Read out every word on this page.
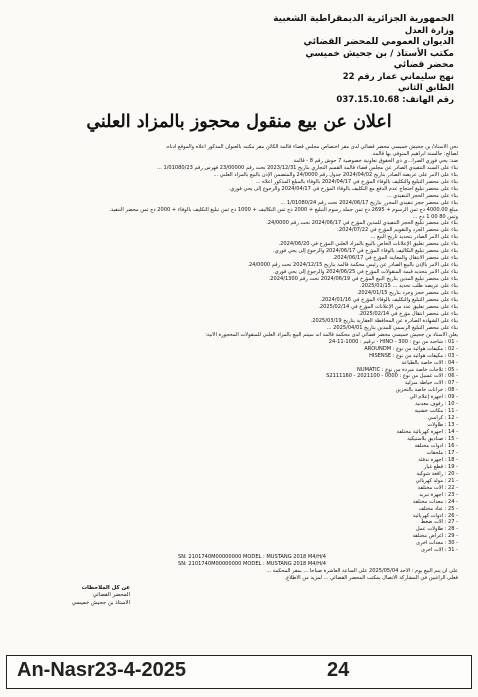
الجمهورية الجزائرية الديمقراطية الشعبية
وزارة العدل
الديوان العمومي للمحضر القضائي
مكتب الأستاذ / بن جحيش خميسي
محضر قضائي
نهج سليماني عمار رقم 22
الطابق الثاني
رقم الهاتف: 037.15.10.68
اعلان عن بيع منقول محجوز بالمزاد العلني
نحن الأستاذ/ بن جحيش خميسي محضر قضائي لدى مقر اختصاص مجلس قضاء قالمة الكائن مقر مكتبه بالعنوان المذكور أعلاه والموقع أدناه.
لصالح: جالستة ابراهيم المتوفى بها قالمة.
ضد: يحي فوزي الصرا...ي ذي الحقوق تعاونية خصوصية 7 حوش رقم 8 - قالمة
بناء على السند التنفيذي الصادر عن مجلس قضاء قالمة القسم التجاري بتاريخ 2023/12/31 تحت رقم 23/00000 فهرس رقم 1/01080/23 ...
بناء على الأمر على عريضة الصادر بتاريخ 2024/04/02 جدول رقم 24/0000 والمتضمن الإذن بالبيع بالمزاد العلني ...
بناء على محضر التبليغ والتكليف بالوفاء المؤرخ في 2024/04/17 بالوفاء بالمبلغ المذكور أعلاه ...
بناء على محضر تبليغ احتجاج عدم الدفع مع التكليف بالوفاء المؤرخ في 2024/04/17 والرجوع إلى يحي فوزي.
بناء على محضر الحجز التنفيذي ...
بناء على محضر حجز تنفيذي المحرر بتاريخ 2024/06/17 تحت رقم 1/01080/24 ...
مبلغ 4000.00 دج ثمن الرسوم + 2695 دج ثمن جملة رسوم التبليغ + 2000 دج ثمن التكاليف + 1000 دج ثمن تبليغ التكليف بالوفاء + 2000 دج ثمن محضر التنفيذ.
وثمن 80 00 1 دج ...
بناء على محضر تبليغ الحجز التنفيذي للمدين المؤرخ في 2024/06/17 تحت رقم 24/0000.
بناء على محضر الجرد والتقويم المؤرخ في 2024/07/22.
بناء على الأمر الصادر بتحديد تاريخ البيع ...
بناء على محضر تعليق الإعلانات الخاص بالبيع بالمزاد العلني المؤرخ في 2024/06/20.
بناء على محضر تبليغ التكاليف بالوفاء المؤرخ في 2024/06/17 والرجوع إلى يحي فوزي.
بناء على محضر الانتقال والمعاينة المؤرخ في 2024/06/17.
بناء على الأمر بالإذن بالبيع الصادر عن رئيس محكمة قالمة بتاريخ 2024/12/15 تحت رقم 24/0000.
بناء على الأمر بتحديد قيمة المنقولات المؤرخ في 2024/06/25 والرجوع إلى يحي فوزي.
بناء على محضر تبليغ المدين بتاريخ البيع المؤرخ في 2024/06/19 تحت رقم 2024/1300.
بناء على عريضة طلب تحديد ... 2025/01/15.
بناء على محضر حجز وجرد بتاريخ 2024/01/15.
بناء على محضر التبليغ والتكليف بالوفاء المؤرخ في 2024/01/16.
بناء على محضر تعليق عدد من الإعلانات المؤرخ في 2025/02/14.
بناء على محضر انتقال مؤرخ في 2025/02/14.
بناء على الشهادة الصادرة عن المحافظة العقارية بتاريخ 2025/03/19.
بناء على محضر التبليغ الرسمي للمدين بتاريخ 2025/04/01 ...
يعلن الأستاذ بن جحيش خميسي محضر قضائي لدى محكمة قالمة أنه سيتم البيع بالمزاد العلني للمنقولات المحجوزة الآتية:
- 01 : شاحنة من نوع : HINO - 300 - ترقيم : 1000-11-24
- 02 : مكيفات هوائية من نوع : AROUNDM
- 03 : مكيفات هوائية من نوع : HISENSE
- 04 : آلات خاصة بالطباعة
- 05 : ثلاجات خاصة مبردة من نوع : NUMATIC
- 06 : آلات غسيل من نوع : S2111160 - 2021100 - 0000
- 07 : آلات خياطة منزلية
- 08 : خزانات خاصة بالتخزين
- 09 : أجهزة إعلام آلي
- 10 : رفوف معدنية
- 11 : مكاتب خشبية
- 12 : كراسي
- 13 : طاولات
- 14 : أجهزة كهربائية مختلفة
- 15 : صناديق بلاستيكية
- 16 : أدوات مختلفة
- 17 : ملحقات
- 18 : أجهزة تدفئة
- 19 : قطع غيار
- 20 : رافعة شوكية
- 21 : مولد كهربائي
- 22 : آلات مختلفة
- 23 : أجهزة تبريد
- 24 : معدات مختلفة
- 25 : عتاد مختلف
- 26 : أدوات كهربائية
- 27 : آلات ضغط
- 28 : طاولات عمل
- 29 : أغراض مختلفة
- 30 : معدات أخرى
- 31 : آلات أخرى
SN: 2101740M00000000 MODEL : MUSTANG 2018 M4/H/4
SN: 2101740M00000000 MODEL : MUSTANG 2018 M4/H/4
على أن يتم البيع يوم : الأحد 2025/05/04 على الساعة العاشرة صباحا ... بمقر المحكمة ...
فعلى الراغبين في المشاركة الاتصال بمكتب المحضر القضائي ... لمزيد من الاطلاع.
عن كل الملاحظات
المحضر القضائي
الأستاذ بن جحيش خميسي
An-Nasr23-4-2025	24
